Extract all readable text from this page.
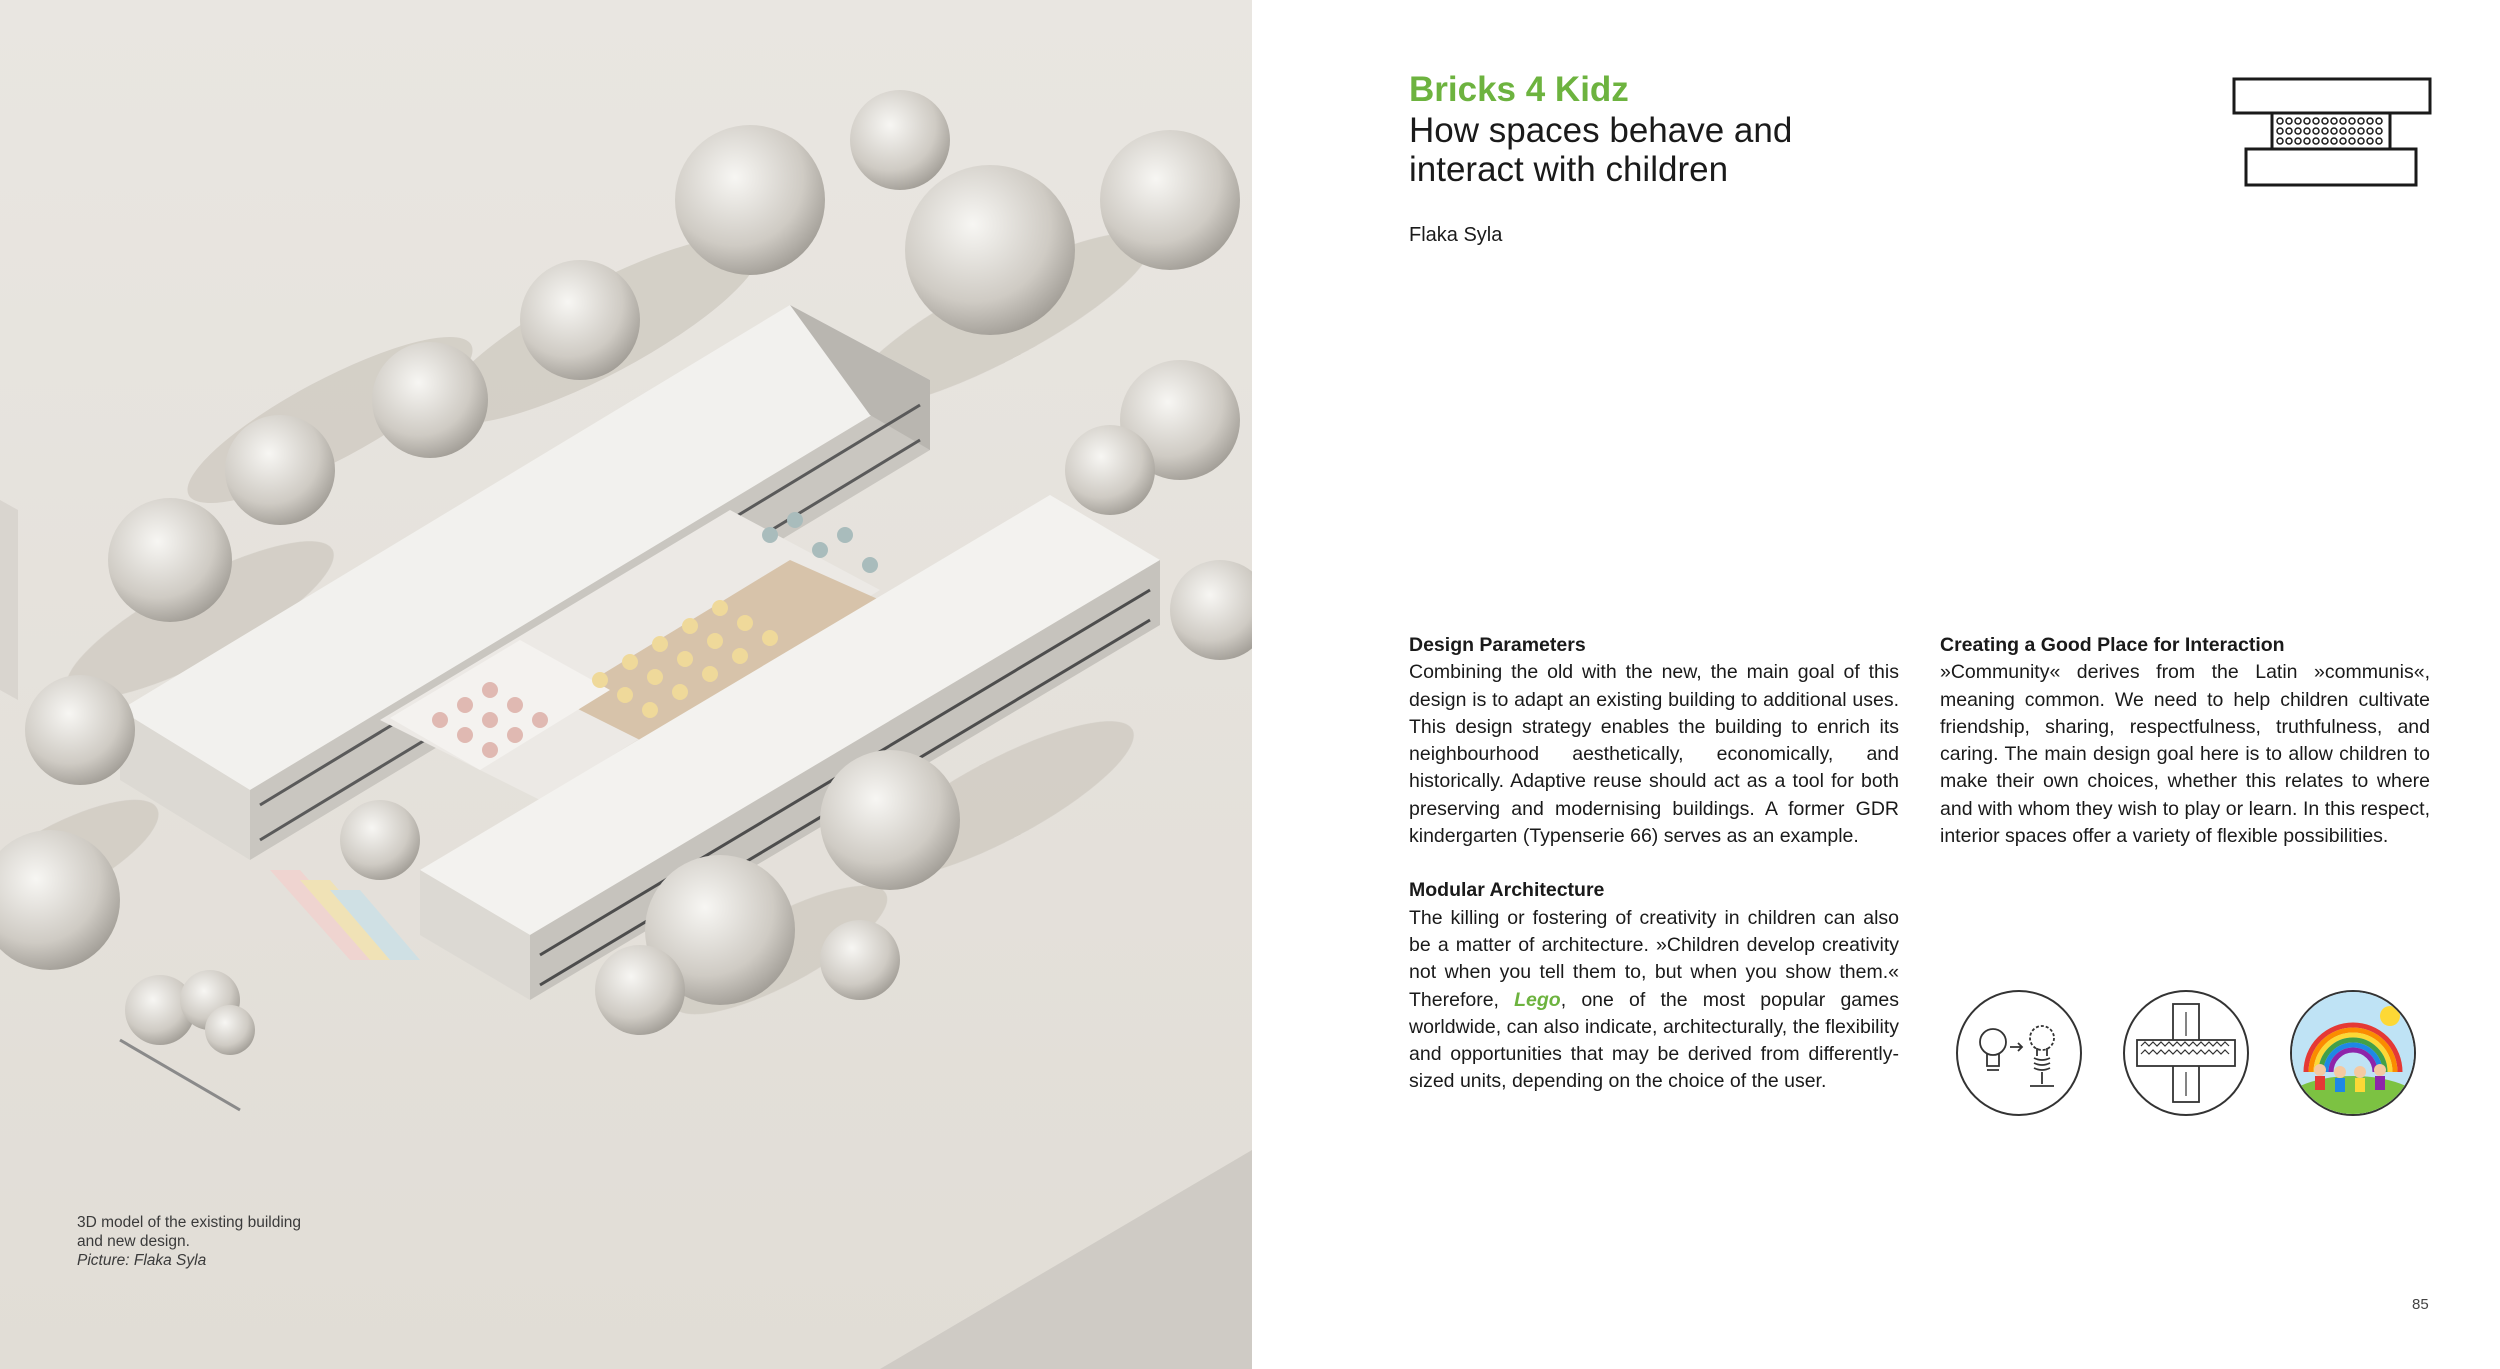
3D model of the existing building
and new design.
Picture: Flaka Syla
Bricks 4 Kidz
How spaces behave and
interact with children
Flaka Syla
Design Parameters

Combining the old with the new, the main goal of this design is to adapt an existing building to additional uses. This design strategy enables the building to enrich its neighbourhood aesthetically, economically, and historically. Adaptive reuse should act as a tool for both preserving and modernising buildings. A former GDR kindergarten (Typenserie 66) serves as an example.

Modular Architecture

The killing or fostering of creativity in children can also be a matter of architecture. »Children develop creativity not when you tell them to, but when you show them.« Therefore, Lego, one of the most popular games worldwide, can also indicate, architecturally, the flexibility and opportunities that may be derived from differently-sized units, depending on the choice of the user.

Creating a Good Place for Interaction

»Community« derives from the Latin »communis«, meaning common. We need to help children cultivate friendship, sharing, respectfulness, truthfulness, and caring. The main design goal here is to allow children to make their own choices, whether this relates to where and with whom they wish to play or learn. In this respect, interior spaces offer a variety of flexible possibilities.

85
